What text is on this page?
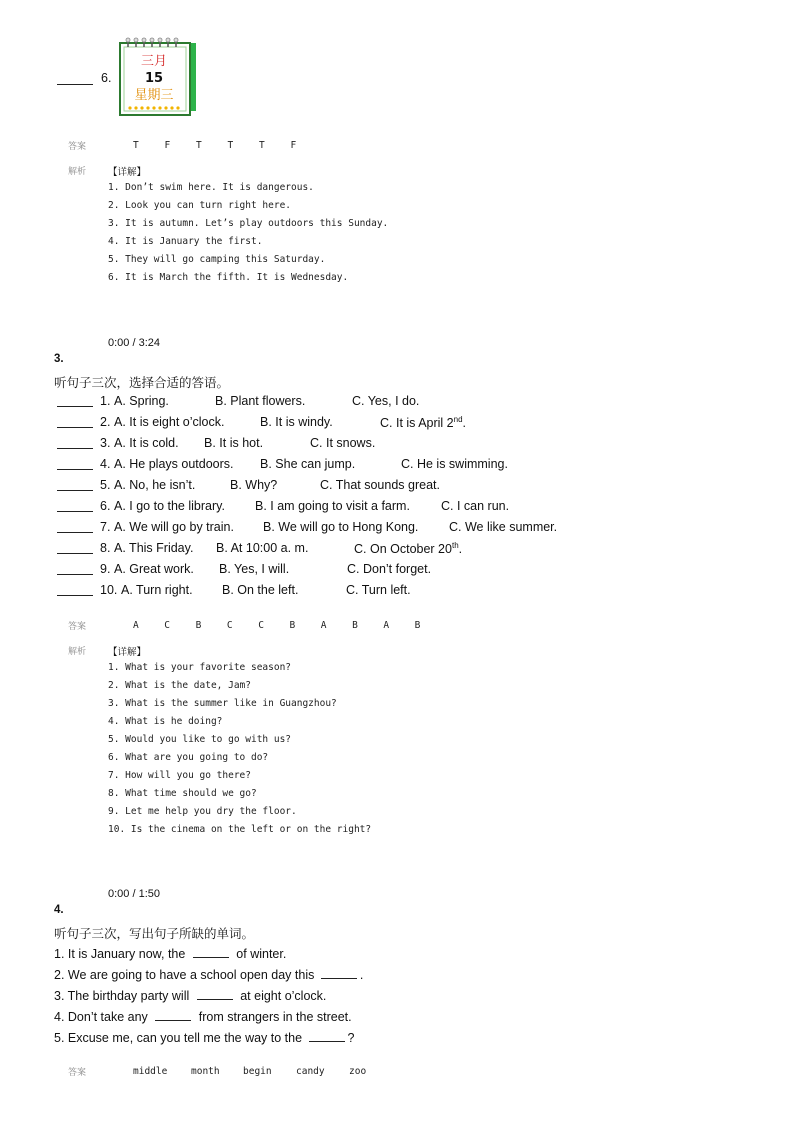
6.
三月
15
星期三
答案	T	F	T	T	T	F
解析 【详解】
1. Don’t swim here. It is dangerous.
2. Look you can turn right here.
3. It is autumn. Let’s play outdoors this Sunday.
4. It is January the first.
5. They will go camping this Saturday.
6. It is March the fifth. It is Wednesday.
0:00 / 3:24
3.
听句子三次，选择合适的答语。
1. A. Spring.	B. Plant flowers.	C. Yes, I do.
2. A. It is eight o’clock.	B. It is windy.	C. It is April 2nd.
3. A. It is cold. B. It is hot.	C. It snows.
4. A. He plays outdoors. B. She can jump.	C. He is swimming.
5. A. No, he isn’t.	B. Why?	C. That sounds great.
6. A. I go to the library. B. I am going to visit a farm. C. I can run.
7. A. We will go by train. B. We will go to Hong Kong. C. We like summer.
8. A. This Friday. B. At 10:00 a. m.	C. On October 20th.
9. A. Great work. B. Yes, I will.	C. Don’t forget.
10. A. Turn right. B. On the left.	C. Turn left.
答案	A	C	B	C	C	B	A	B	A	B
解析 【详解】
1. What is your favorite season?
2. What is the date, Jam?
3. What is the summer like in Guangzhou?
4. What is he doing?
5. Would you like to go with us?
6. What are you going to do?
7. How will you go there?
8. What time should we go?
9. Let me help you dry the floor.
10. Is the cinema on the left or on the right?
0:00 / 1:50
4.
听句子三次，写出句子所缺的单词。
1. It is January now, the	of winter.
2. We are going to have a school open day this	.
3. The birthday party will	at eight o’clock.
4. Don’t take any	from strangers in the street.
5. Excuse me, can you tell me the way to the	?
答案	middle month begin	candy	zoo
